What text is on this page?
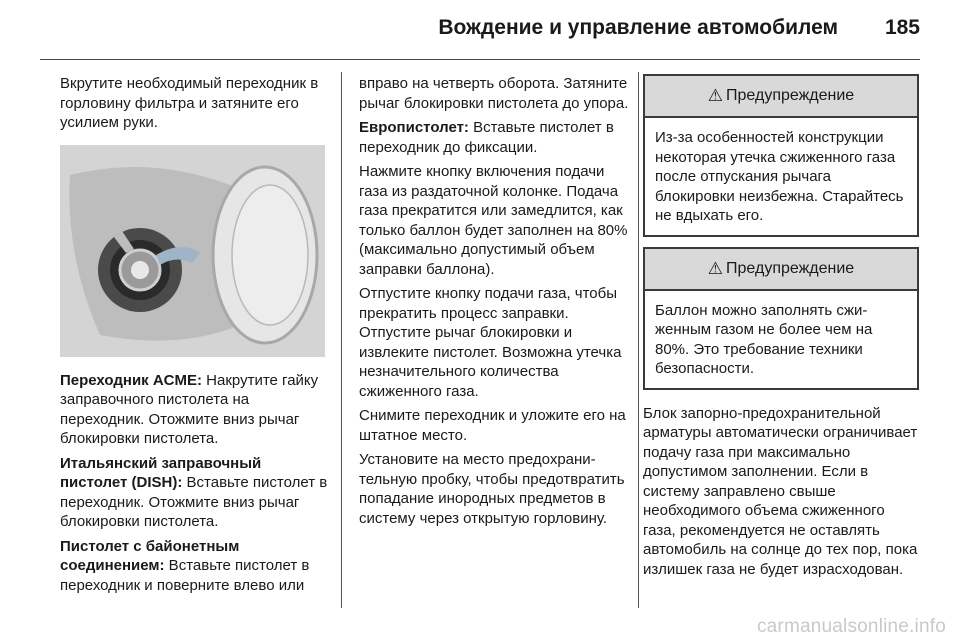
Вождение и управление автомобилем 185

Вкрутите необходимый переходник в горловину фильтра и затяните его усилием руки.

Переходник ACME: Накрутите гайку заправочного пистолета на переходник. Отожмите вниз рычаг блокировки пистолета.

Итальянский заправочный пистолет (DISH): Вставьте пистолет в переходник. Отожмите вниз рычаг блокировки пистолета.

Пистолет с байонетным соединением: Вставьте пистолет в переходник и поверните влево или

вправо на четверть оборота. Затяните рычаг блокировки пистолета до упора.

Европистолет: Вставьте пистолет в переходник до фиксации.

Нажмите кнопку включения подачи газа из раздаточной колонке. Подача газа прекратится или замедлится, как только баллон будет заполнен на 80% (максимально допустимый объем заправки баллона).

Отпустите кнопку подачи газа, чтобы прекратить процесс заправки. Отпустите рычаг блокировки и извлеките пистолет. Возможна утечка незначительного количества сжиженного газа.

Снимите переходник и уложите его на штатное место.

Установите на место предохранительную пробку, чтобы предотвратить попадание инородных предметов в систему через открытую горловину.

⚠ Предупреждение
Из-за особенностей конструкции некоторая утечка сжиженного газа после отпускания рычага блокировки неизбежна. Старайтесь не вдыхать его.
⚠ Предупреждение
Баллон можно заполнять сжиженным газом не более чем на 80%. Это требование техники безопасности.

Блок запорно-предохранительной арматуры автоматически ограничивает подачу газа при максимально допустимом заполнении. Если в систему заправлено свыше необходимого объема сжиженного газа, рекомендуется не оставлять автомобиль на солнце до тех пор, пока излишек газа не будет израсходован.

carmanualsonline.info
